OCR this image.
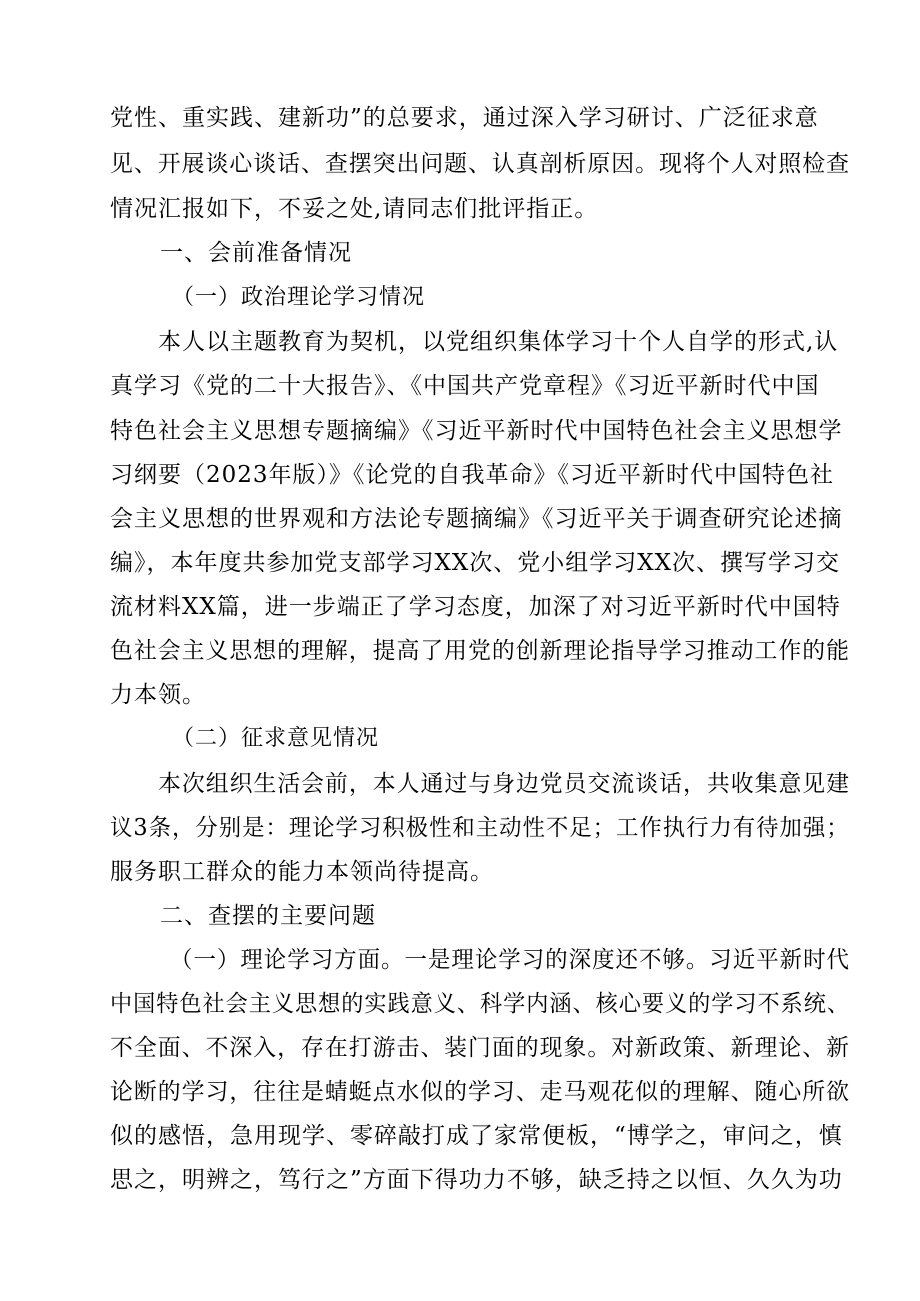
党性、重实践、建新功”的总要求，通过深入学习研讨、广泛征求意
见、开展谈心谈话、查摆突出问题、认真剖析原因。现将个人对照检查
情况汇报如下，不妥之处,请同志们批评指正。
一、会前准备情况
（一）政治理论学习情况
本人以主题教育为契机，以党组织集体学习十个人自学的形式,认
真学习《党的二十大报告》、《中国共产党章程》《习近平新时代中国
特色社会主义思想专题摘编》《习近平新时代中国特色社会主义思想学
习纲要（2023年版）》《论党的自我革命》《习近平新时代中国特色社
会主义思想的世界观和方法论专题摘编》《习近平关于调查研究论述摘
编》，本年度共参加党支部学习XX次、党小组学习XX次、撰写学习交
流材料XX篇，进一步端正了学习态度，加深了对习近平新时代中国特
色社会主义思想的理解，提高了用党的创新理论指导学习推动工作的能
力本领。
（二）征求意见情况
本次组织生活会前，本人通过与身边党员交流谈话，共收集意见建
议3条，分别是：理论学习积极性和主动性不足；工作执行力有待加强；
服务职工群众的能力本领尚待提高。
二、查摆的主要问题
（一）理论学习方面。一是理论学习的深度还不够。习近平新时代
中国特色社会主义思想的实践意义、科学内涵、核心要义的学习不系统、
不全面、不深入，存在打游击、装门面的现象。对新政策、新理论、新
论断的学习，往往是蜻蜓点水似的学习、走马观花似的理解、随心所欲
似的感悟，急用现学、零碎敲打成了家常便板，“博学之，审问之，慎
思之，明辨之，笃行之”方面下得功力不够，缺乏持之以恒、久久为功
